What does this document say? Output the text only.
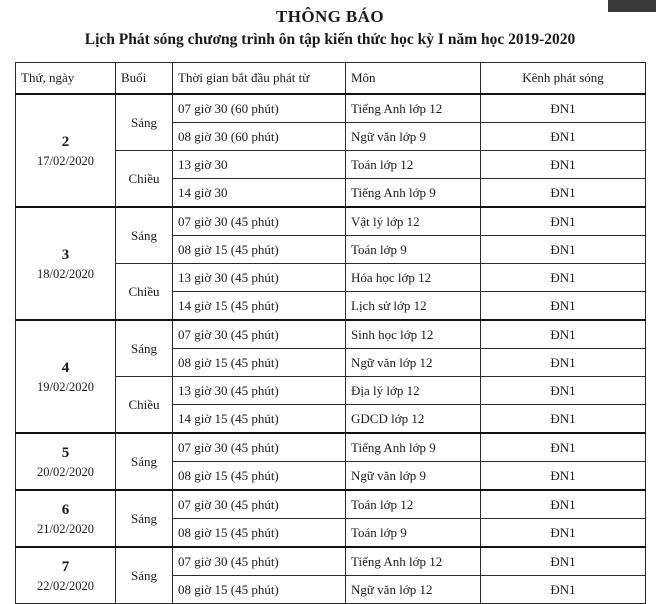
THÔNG BÁO
Lịch Phát sóng chương trình ôn tập kiến thức học kỳ I năm học 2019-2020
Thứ, ngày	Buổi	Thời gian bắt đầu phát từ	Môn	Kênh phát sóng

2
17/02/2020	Sáng	07 giờ 30 (60 phút)	Tiếng Anh lớp 12	ĐN1
		08 giờ 30 (60 phút)	Ngữ văn lớp 9	ĐN1
	Chiều	13 giờ 30	Toán lớp 12	ĐN1
		14 giờ 30	Tiếng Anh lớp 9	ĐN1

3
18/02/2020	Sáng	07 giờ 30 (45 phút)	Vật lý lớp 12	ĐN1
		08 giờ 15 (45 phút)	Toán lớp 9	ĐN1
	Chiều	13 giờ 30 (45 phút)	Hóa học lớp 12	ĐN1
		14 giờ 15 (45 phút)	Lịch sử lớp 12	ĐN1

4
19/02/2020	Sáng	07 giờ 30 (45 phút)	Sinh học lớp 12	ĐN1
		08 giờ 15 (45 phút)	Ngữ văn lớp 12	ĐN1
	Chiều	13 giờ 30 (45 phút)	Địa lý lớp 12	ĐN1
		14 giờ 15 (45 phút)	GDCD lớp 12	ĐN1

5
20/02/2020	Sáng	07 giờ 30 (45 phút)	Tiếng Anh lớp 9	ĐN1
		08 giờ 15 (45 phút)	Ngữ văn lớp 9	ĐN1

6
21/02/2020	Sáng	07 giờ 30 (45 phút)	Toán lớp 12	ĐN1
		08 giờ 15 (45 phút)	Toán lớp 9	ĐN1

7
22/02/2020	Sáng	07 giờ 30 (45 phút)	Tiếng Anh lớp 12	ĐN1
		08 giờ 15 (45 phút)	Ngữ văn lớp 12	ĐN1
